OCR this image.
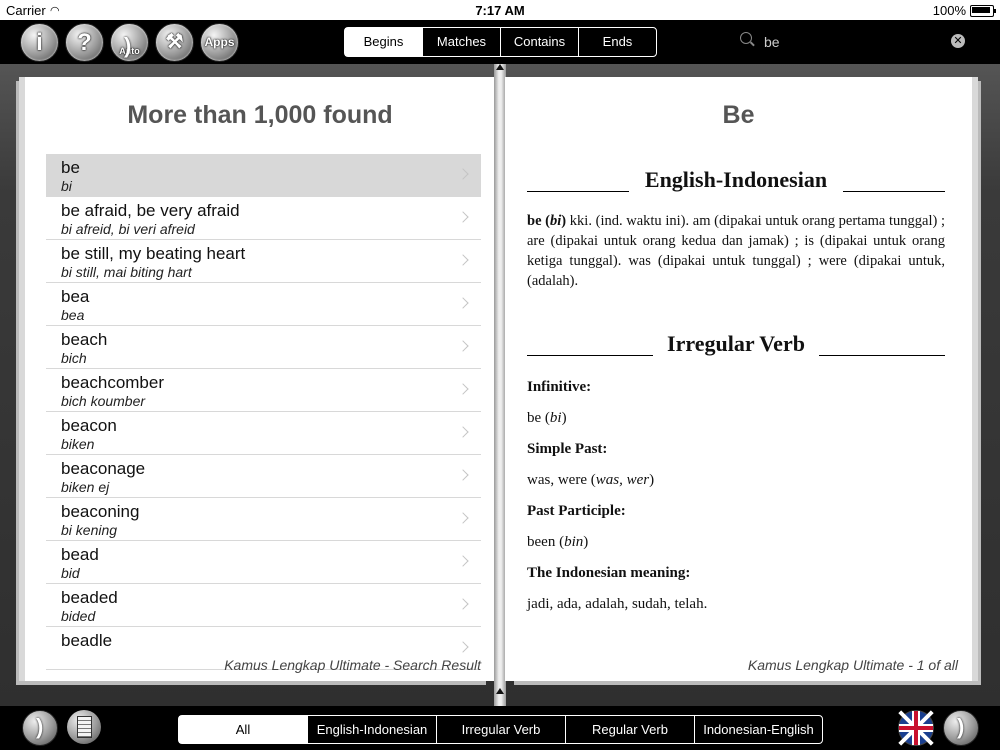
Carrier ◠	7:17 AM	100%
i	?	$_{Auto}$ )	⚒	Apps	Begins	Matches	Contains	Ends
be	✕
More than 1,000 found
be
bi
be afraid, be very afraid
bi afreid, bi veri afreid
be still, my beating heart
bi still, mai biting hart
bea
bea
beach
bich
beachcomber
bich koumber
beacon
biken
beaconage
biken ej
beaconing
bi kening
bead
bid
beaded
bided
beadle
Kamus Lengkap Ultimate - Search Result
Be
English-Indonesian
be (bi) kki. (ind. waktu ini). am (dipakai untuk orang pertama tunggal) ; are (dipakai untuk orang kedua dan jamak) ; is (dipakai untuk orang ketiga tunggal). was (dipakai untuk tunggal) ; were (dipakai untuk, (adalah).
Irregular Verb
Infinitive:
be (bi)
Simple Past:
was, were (was, wer)
Past Participle:
been (bin)
The Indonesian meaning:
jadi, ada, adalah, sudah, telah.
Kamus Lengkap Ultimate - 1 of all
)
All	English-Indonesian	Irregular Verb	Regular Verb	Indonesian-English
)
